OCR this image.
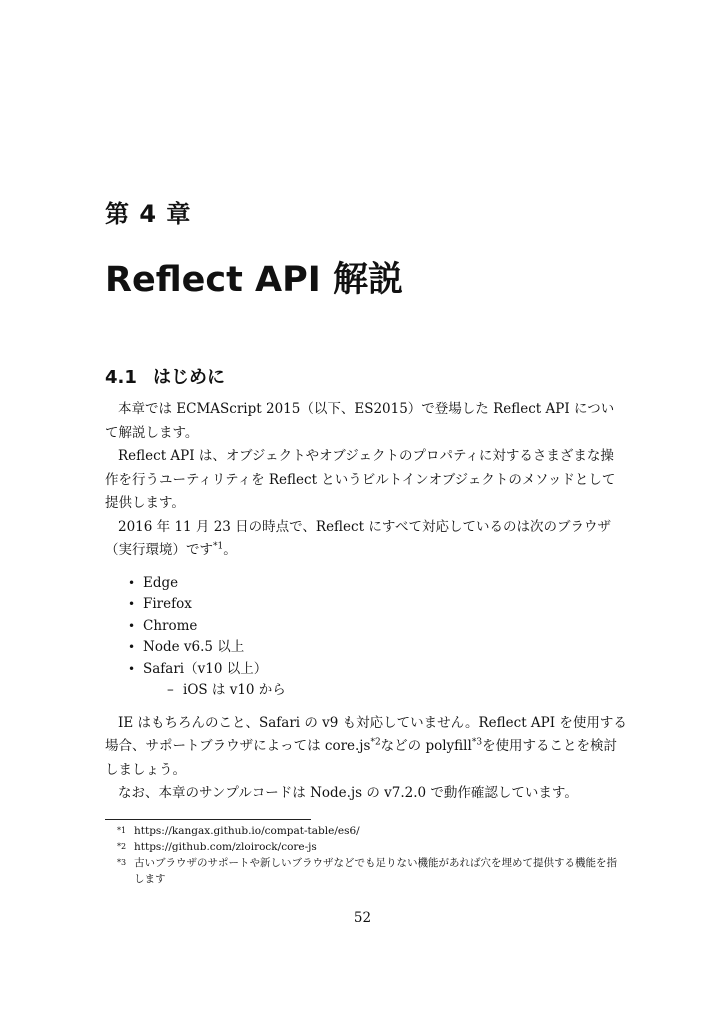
第 4 章
Reflect API 解説
4.1 はじめに

本章では ECMAScript 2015（以下、ES2015）で登場した Reflect API について解説します。

Reflect API は、オブジェクトやオブジェクトのプロパティに対するさまざまな操作を行うユーティリティを Reflect というビルトインオブジェクトのメソッドとして提供します。

2016 年 11 月 23 日の時点で、Reflect にすべて対応しているのは次のブラウザ（実行環境）です$^{*1}$。

• Edge
• Firefox
• Chrome
• Node v6.5 以上
• Safari（v10 以上）
– iOS は v10 から

IE はもちろんのこと、Safari の v9 も対応していません。Reflect API を使用する場合、サポートブラウザによっては $core.js^{*2}$などの polyfill$^{*3}$を使用することを検討しましょう。

なお、本章のサンプルコードは Node.js の v7.2.0 で動作確認しています。

$^{*1}$ https://kangax.github.io/compat-table/es6/
$^{*2}$ https://github.com/zloirock/core-js
$^{*3}$ 古いブラウザのサポートや新しいブラウザなどでも足りない機能があれば穴を埋めて提供する機能を指します
52
